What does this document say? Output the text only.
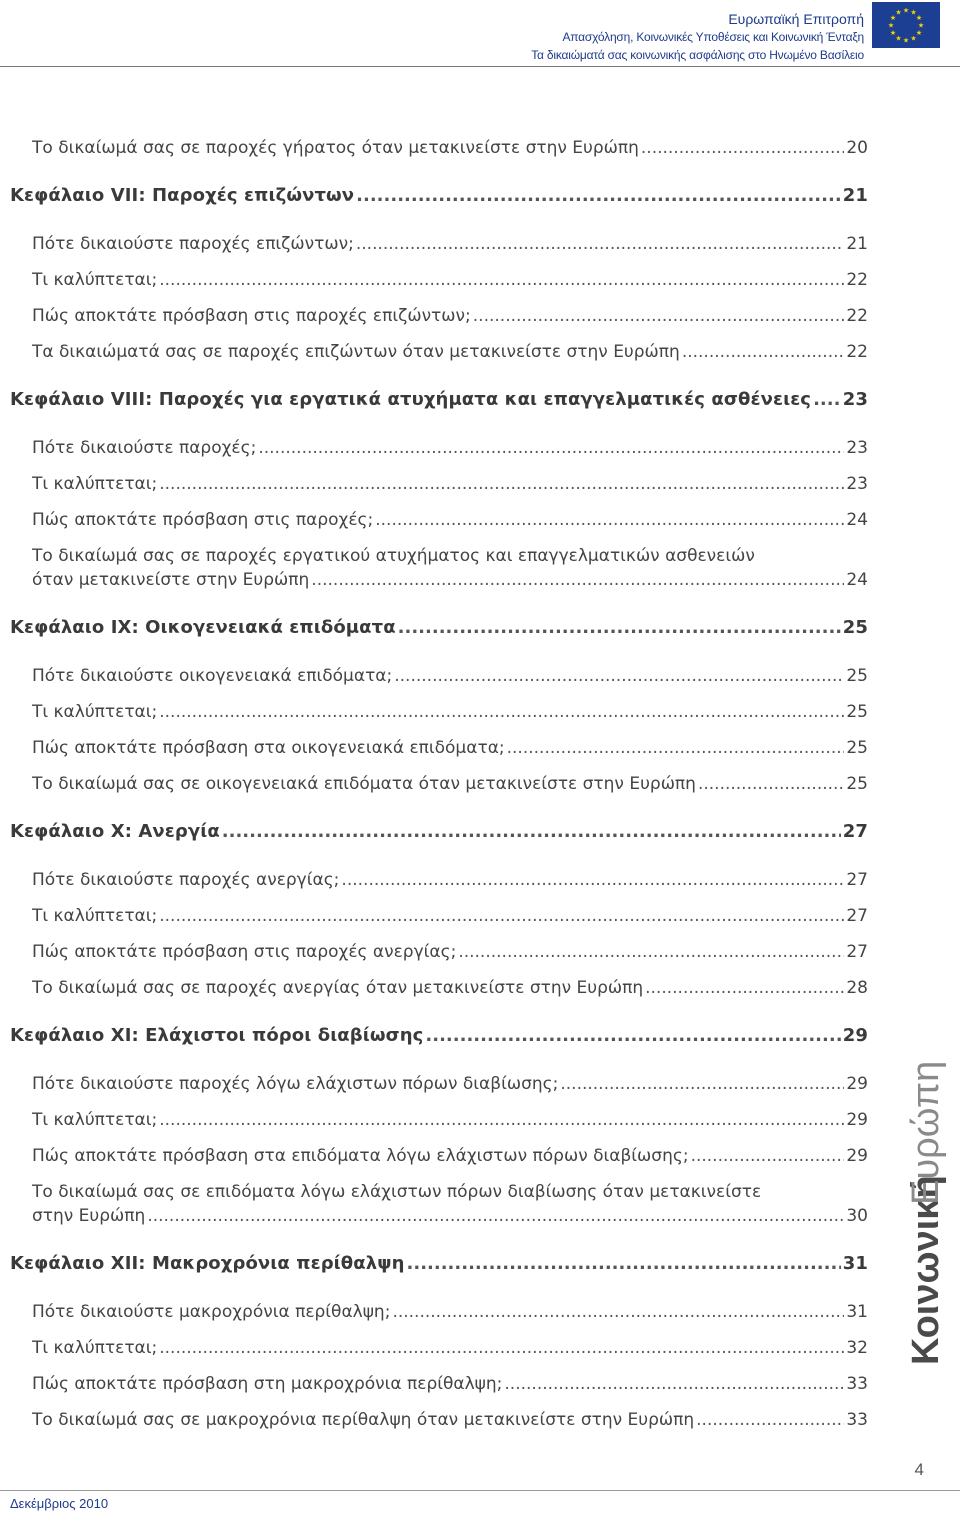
Ευρωπαϊκή Επιτροπή
Απασχόληση, Κοινωνικές Υποθέσεις και Κοινωνική Ένταξη
Τα δικαιώματά σας κοινωνικής ασφάλισης στο Ηνωμένο Βασίλειο
★ ★
★
★
★
★
★
★
★
★
★
★
Το δικαίωμά σας σε παροχές γήρατος όταν μετακινείστε στην Ευρώπη .....	20
Κεφάλαιο VII: Παροχές επιζώντων .....	21
Πότε δικαιούστε παροχές επιζώντων; .....	21
Τι καλύπτεται; .....	22
Πώς αποκτάτε πρόσβαση στις παροχές επιζώντων; .....	22
Τα δικαιώματά σας σε παροχές επιζώντων όταν μετακινείστε στην Ευρώπη .....	22
Κεφάλαιο VIII: Παροχές για εργατικά ατυχήματα και επαγγελματικές ασθένειες ..... 23
Πότε δικαιούστε παροχές; .....	23
Τι καλύπτεται; .....	23
Πώς αποκτάτε πρόσβαση στις παροχές; .....	24
Το δικαίωμά σας σε παροχές εργατικού ατυχήματος και επαγγελματικών ασθενειών
όταν μετακινείστε στην Ευρώπη .....	24
Κεφάλαιο IX: Οικογενειακά επιδόματα .....	25
Πότε δικαιούστε οικογενειακά επιδόματα; .....	25
Τι καλύπτεται; .....	25
Πώς αποκτάτε πρόσβαση στα οικογενειακά επιδόματα; .....	25
Το δικαίωμά σας σε οικογενειακά επιδόματα όταν μετακινείστε στην Ευρώπη .....	25
Κεφάλαιο X: Ανεργία .....	27
Πότε δικαιούστε παροχές ανεργίας; .....	27
Τι καλύπτεται; .....	27
Πώς αποκτάτε πρόσβαση στις παροχές ανεργίας; .....	27
Το δικαίωμά σας σε παροχές ανεργίας όταν μετακινείστε στην Ευρώπη .....	28
Κεφάλαιο XI: Ελάχιστοι πόροι διαβίωσης .....	29
Πότε δικαιούστε παροχές λόγω ελάχιστων πόρων διαβίωσης; .....	29
Τι καλύπτεται; .....	29
Πώς αποκτάτε πρόσβαση στα επιδόματα λόγω ελάχιστων πόρων διαβίωσης; .....	29
Το δικαίωμά σας σε επιδόματα λόγω ελάχιστων πόρων διαβίωσης όταν μετακινείστε
στην Ευρώπη .....	30
Κεφάλαιο XII: Μακροχρόνια περίθαλψη .....	31
Πότε δικαιούστε μακροχρόνια περίθαλψη; .....	31
Τι καλύπτεται; .....	32
Πώς αποκτάτε πρόσβαση στη μακροχρόνια περίθαλψη; .....	33
Το δικαίωμά σας σε μακροχρόνια περίθαλψη όταν μετακινείστε στην Ευρώπη .....	33
Κοινωνική
Ευρώπη
4
Δεκέμβριος 2010
